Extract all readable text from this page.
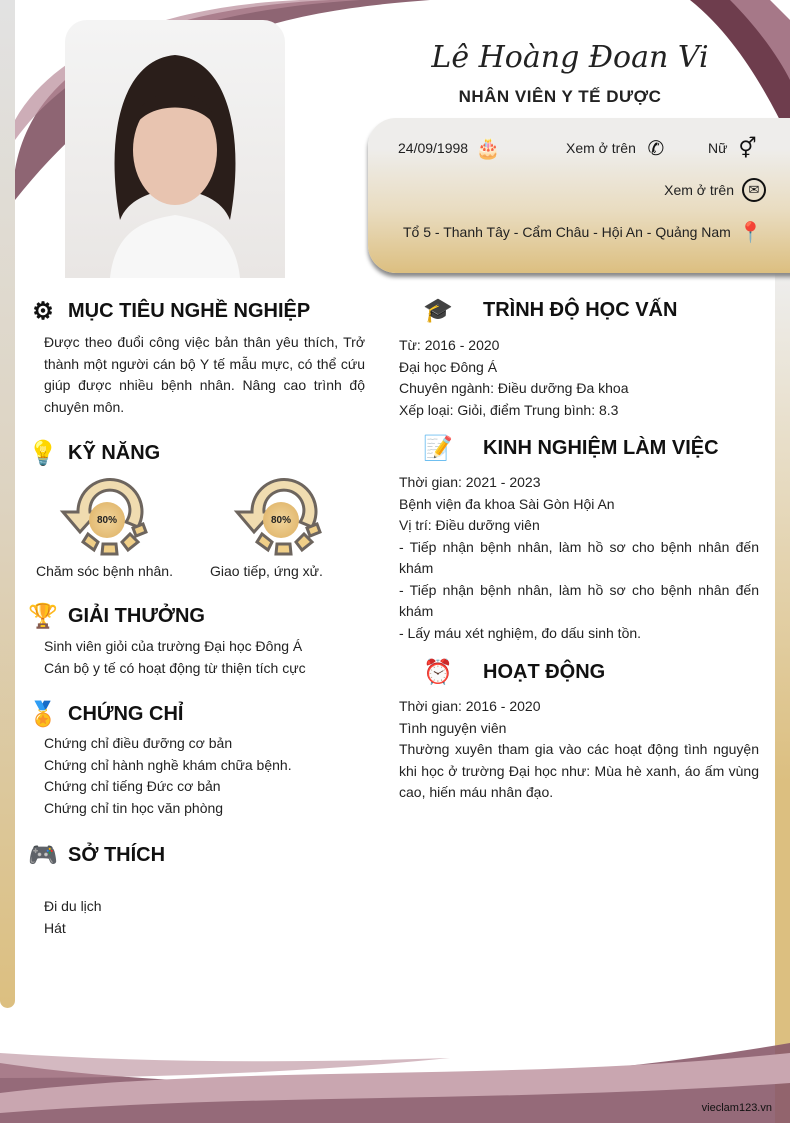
Lê Hoàng Đoan Vi
NHÂN VIÊN Y TẾ DƯỢC
24/09/1998 🎂	Xem ở trên ✆	Nữ ⚥
Xem ở trên	✉
Tổ 5 - Thanh Tây - Cẩm Châu - Hội An - Quảng Nam 📍
⚙ MỤC TIÊU NGHỀ NGHIỆP
Được theo đuổi công việc bản thân yêu thích, Trở thành một người cán bộ Y tế mẫu mực, có thể cứu giúp được nhiều bệnh nhân. Nâng cao trình độ chuyên môn.
💡 KỸ NĂNG
80%
Chăm sóc bệnh nhân.
80%
Giao tiếp, ứng xử.
🏆 GIẢI THƯỞNG
Sinh viên giỏi của trường Đại học Đông Á
Cán bộ y tế có hoạt động từ thiện tích cực
🏅 CHỨNG CHỈ
Chứng chỉ điều đưỡng cơ bản
Chứng chỉ hành nghề khám chữa bệnh.
Chứng chỉ tiếng Đức cơ bản
Chứng chỉ tin học văn phòng
🎮 SỞ THÍCH
Đi du lịch
Hát
🎓 TRÌNH ĐỘ HỌC VẤN
Từ: 2016 - 2020
Đại học Đông Á
Chuyên ngành: Điều dưỡng Đa khoa
Xếp loại: Giỏi, điểm Trung bình: 8.3
📝 KINH NGHIỆM LÀM VIỆC
Thời gian: 2021 - 2023
Bệnh viện đa khoa Sài Gòn Hội An
Vị trí: Điều dưỡng viên
- Tiếp nhận bệnh nhân, làm hồ sơ cho bệnh nhân đến khám
- Tiếp nhận bệnh nhân, làm hồ sơ cho bệnh nhân đến khám
- Lấy máu xét nghiệm, đo dấu sinh tồn.
⏰ HOẠT ĐỘNG
Thời gian: 2016 - 2020
Tình nguyện viên
Thường xuyên tham gia vào các hoạt động tình nguyện khi học ở trường Đại học như: Mùa hè xanh, áo ấm vùng cao, hiến máu nhân đạo.
vieclam123.vn
